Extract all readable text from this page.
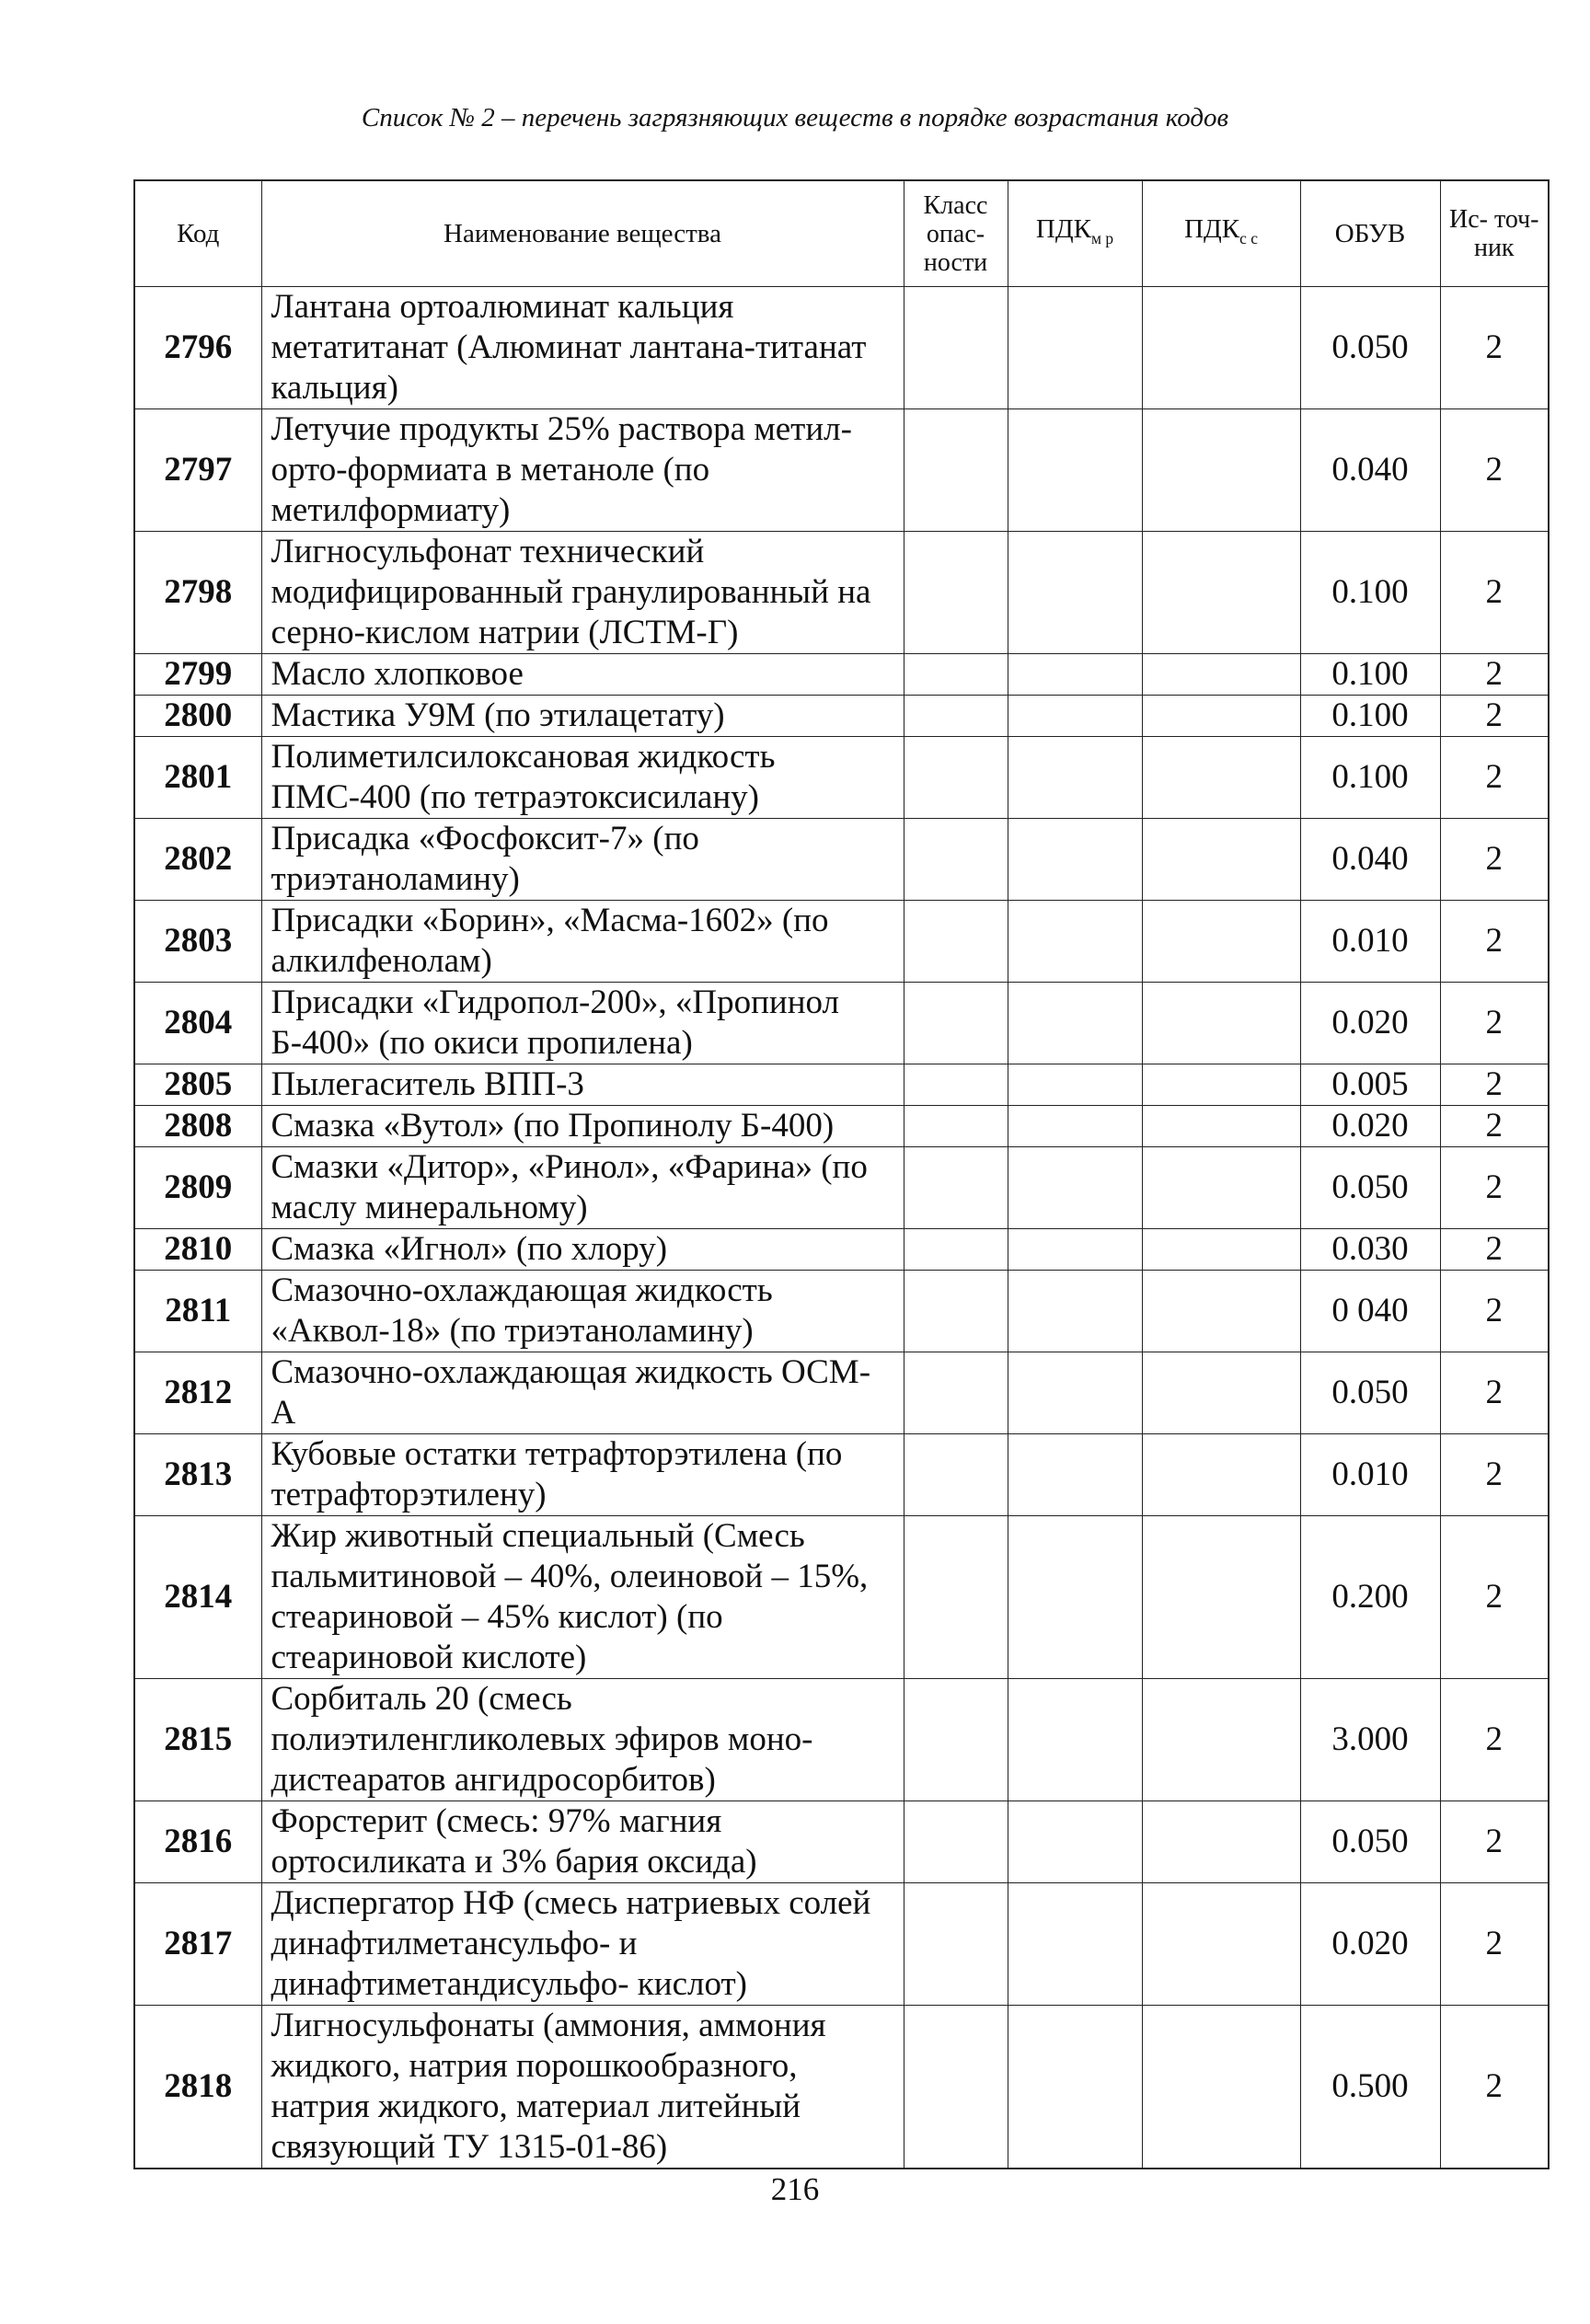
Список № 2 – перечень загрязняющих веществ в порядке возрастания кодов
Код	Наименование вещества	Класс опас- ности	$ПДК_{м р}$	$ПДК_{с с}$	ОБУВ	Ис- точ- ник
2796	Лантана ортоалюминат кальция метатитанат (Алюминат лантана-титанат кальция)				0.050	2
2797	Летучие продукты 25% раствора метил-орто-формиата в метаноле (по метилформиату)				0.040	2
2798	Лигносульфонат технический модифицированный гранулированный на серно-кислом натрии (ЛСТМ-Г)				0.100	2
2799	Масло хлопковое				0.100	2
2800	Мастика У9М (по этилацетату)				0.100	2
2801	Полиметилсилоксановая жидкость ПМС-400 (по тетраэтоксисилану)				0.100	2
2802	Присадка «Фосфоксит-7» (по триэтаноламину)				0.040	2
2803	Присадки «Борин», «Масма-1602» (по алкилфенолам)				0.010	2
2804	Присадки «Гидропол-200», «Пропинол Б-400» (по окиси пропилена)				0.020	2
2805	Пылегаситель ВПП-3				0.005	2
2808	Смазка «Вутол» (по Пропинолу Б-400)				0.020	2
2809	Смазки «Дитор», «Ринол», «Фарина» (по маслу минеральному)				0.050	2
2810	Смазка «Игнол» (по хлору)				0.030	2
2811	Смазочно-охлаждающая жидкость «Аквол-18» (по триэтаноламину)				0 040	2
2812	Смазочно-охлаждающая жидкость ОСМ-А				0.050	2
2813	Кубовые остатки тетрафторэтилена (по тетрафторэтилену)				0.010	2
2814	Жир животный специальный (Смесь пальмитиновой – 40%, олеиновой – 15%, стеариновой – 45% кислот) (по стеариновой кислоте)				0.200	2
2815	Сорбиталь 20 (смесь полиэтиленгликолевых эфиров моно-дистеаратов ангидросорбитов)				3.000	2
2816	Форстерит (смесь: 97% магния ортосиликата и 3% бария оксида)				0.050	2
2817	Диспергатор НФ (смесь натриевых солей динафтилметансульфо- и динафтиметандисульфо- кислот)				0.020	2
2818	Лигносульфонаты (аммония, аммония жидкого, натрия порошкообразного, натрия жидкого, материал литейный связующий ТУ 1315-01-86)				0.500	2
216
